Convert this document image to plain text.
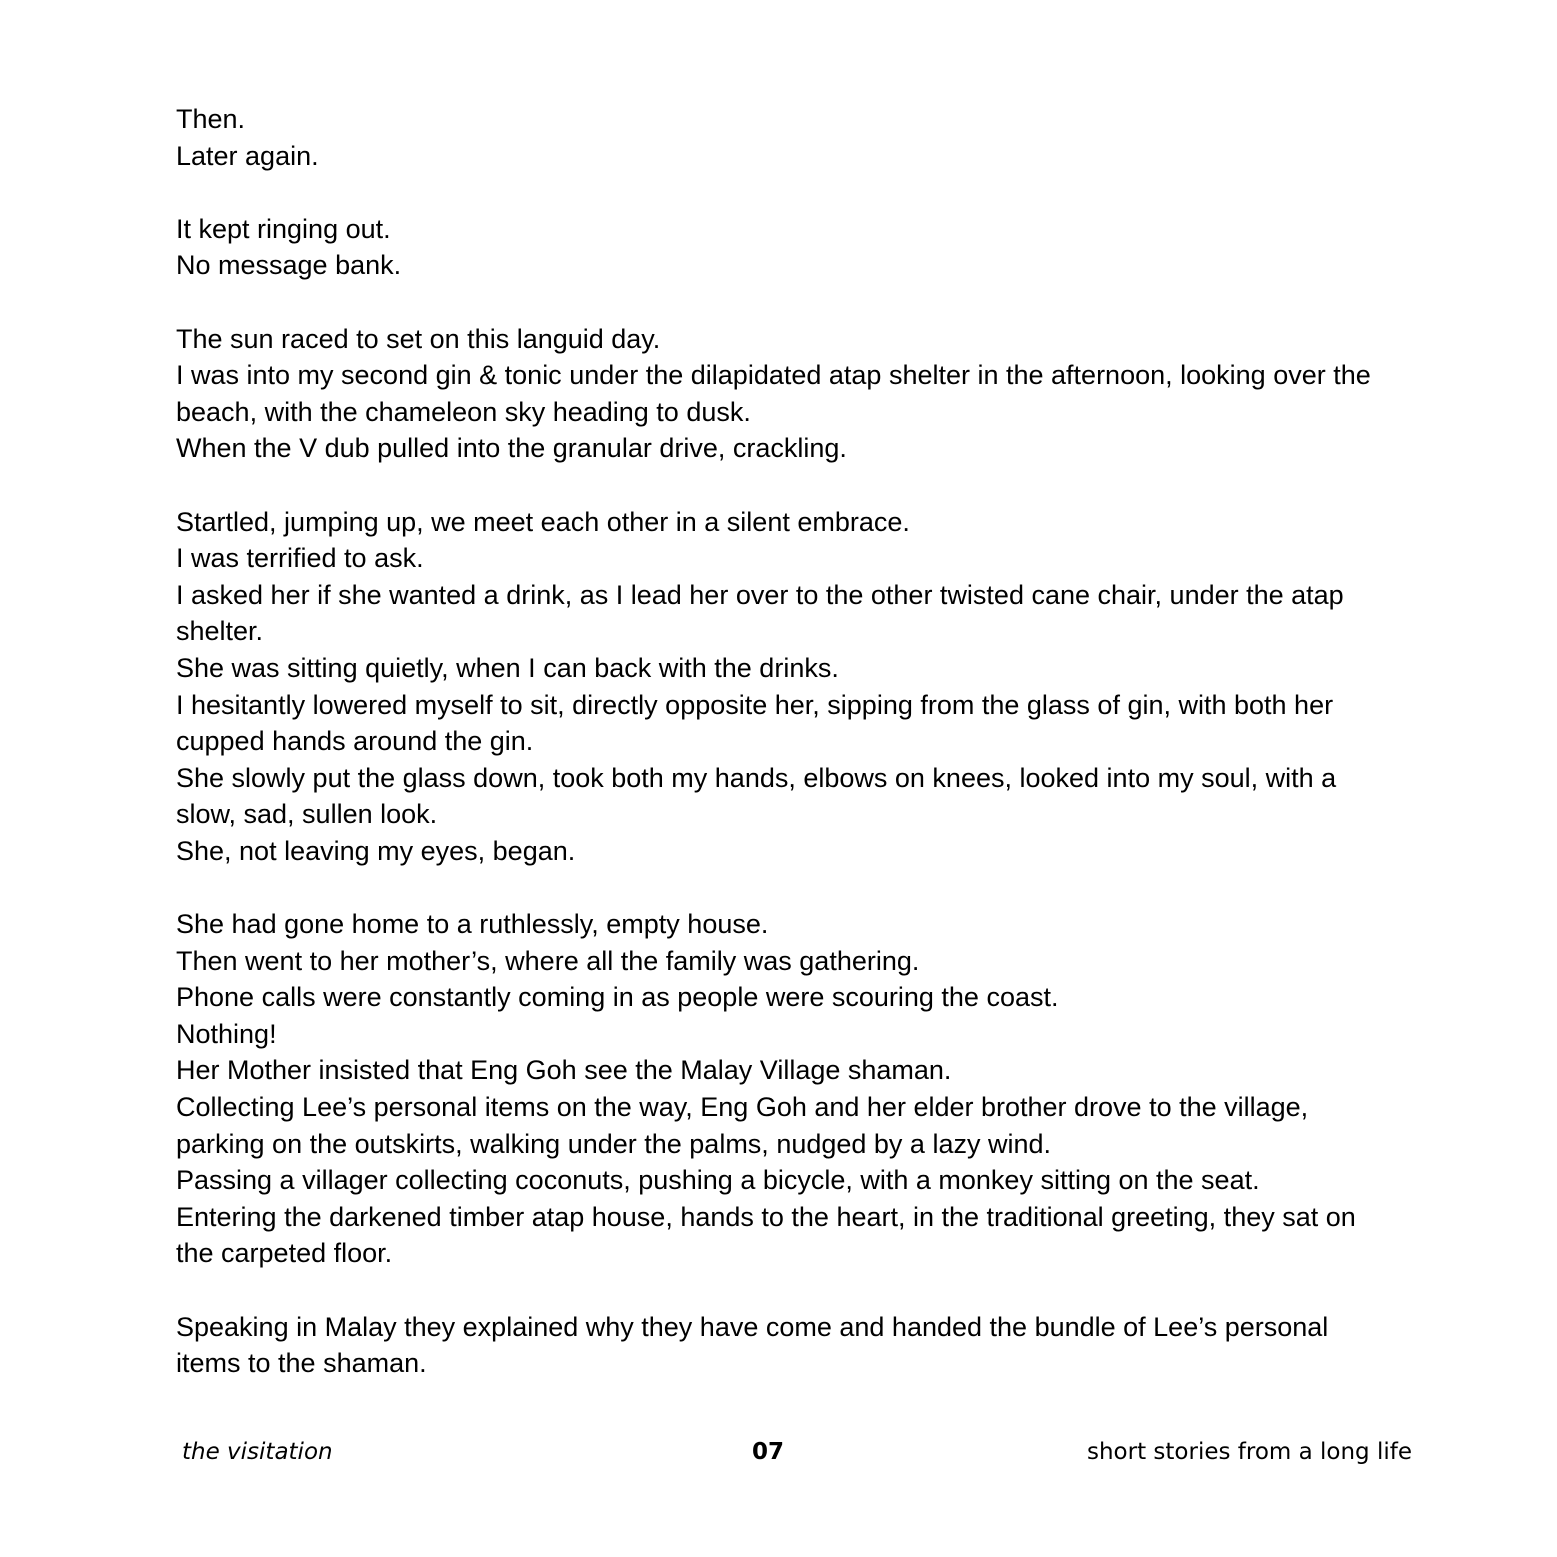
Then.
Later again.

It kept ringing out.
No message bank.

The sun raced to set on this languid day.
I was into my second gin & tonic under the dilapidated atap shelter in the afternoon, looking over the beach, with the chameleon sky heading to dusk.
When the V dub pulled into the granular drive, crackling.

Startled, jumping up, we meet each other in a silent embrace.
I was terrified to ask.
I asked her if she wanted a drink, as I lead her over to the other twisted cane chair, under the atap shelter.
She was sitting quietly, when I can back with the drinks.
I hesitantly lowered myself to sit, directly opposite her, sipping from the glass of gin, with both her cupped hands around the gin.
She slowly put the glass down, took both my hands, elbows on knees, looked into my soul, with a slow, sad, sullen look.
She, not leaving my eyes, began.

She had gone home to a ruthlessly, empty house.
Then went to her mother’s, where all the family was gathering.
Phone calls were constantly coming in as people were scouring the coast.
Nothing!
Her Mother insisted that Eng Goh see the Malay Village shaman.
Collecting Lee’s personal items on the way, Eng Goh and her elder brother drove to the village, parking on the outskirts, walking under the palms, nudged by a lazy wind.
Passing a villager collecting coconuts, pushing a bicycle, with a monkey sitting on the seat.
Entering the darkened timber atap house, hands to the heart, in the traditional greeting, they sat on the carpeted floor.

Speaking in Malay they explained why they have come and handed the bundle of Lee’s personal items to the shaman.

the visitation	07	short stories from a long life
